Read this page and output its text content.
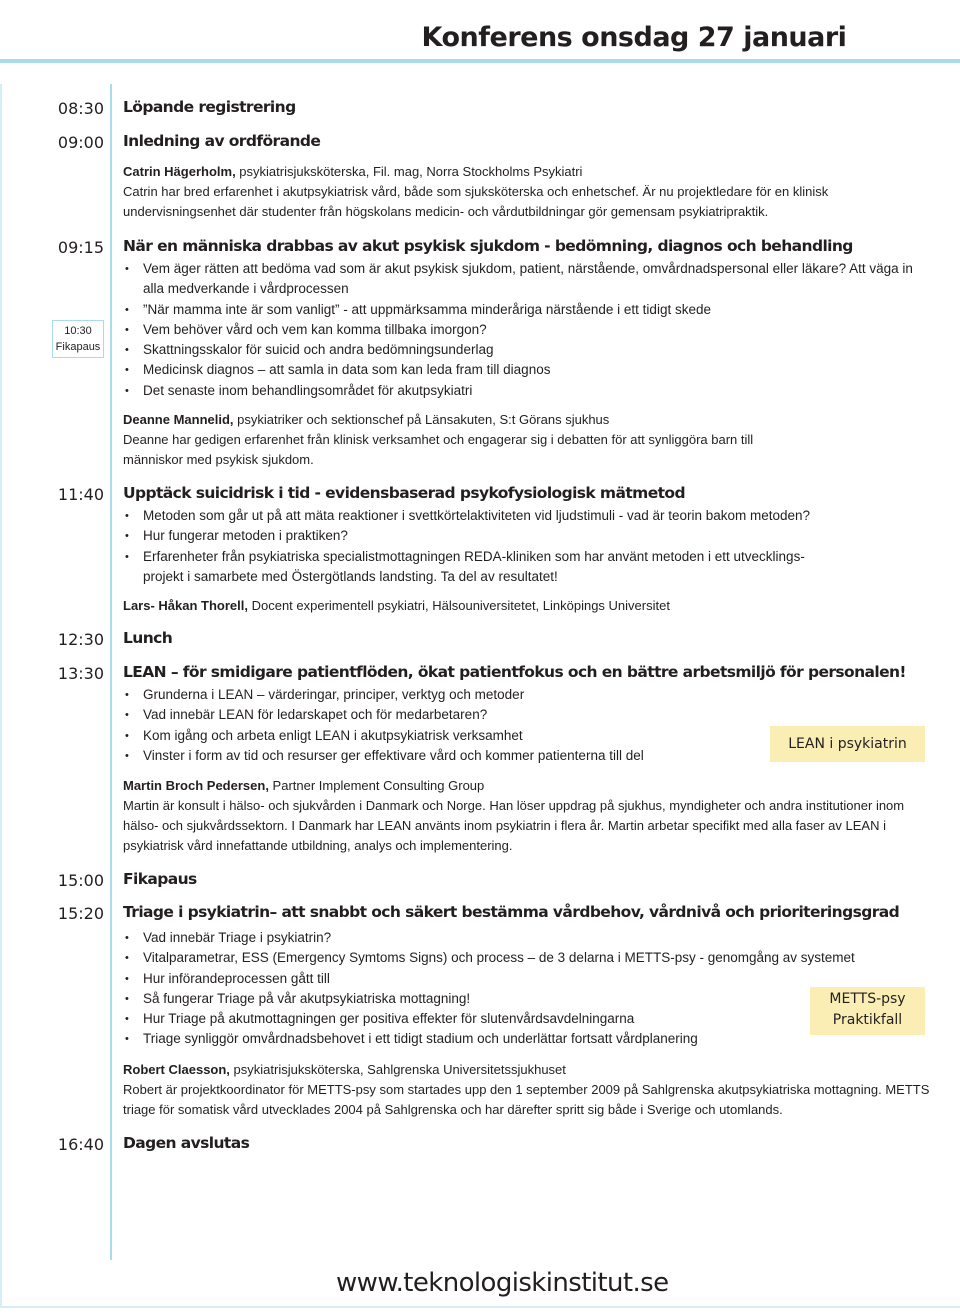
Konferens onsdag 27 januari
08:30
09:00
09:15
10:30
Fikapaus
11:40
12:30
13:30
15:00
15:20
16:40
Löpande registrering
Inledning av ordförande
Catrin Hägerholm, psykiatrisjuksköterska, Fil. mag, Norra Stockholms Psykiatri
Catrin har bred erfarenhet i akutpsykiatrisk vård, både som sjuksköterska och enhetschef. Är nu projektledare för en klinisk undervisningsenhet där studenter från högskolans medicin- och vårdutbildningar gör gemensam psykiatripraktik.
När en människa drabbas av akut psykisk sjukdom - bedömning, diagnos och behandling
• Vem äger rätten att bedöma vad som är akut psykisk sjukdom, patient, närstående, omvårdnadspersonal eller läkare? Att väga in alla medverkande i vårdprocessen
• ”När mamma inte är som vanligt” - att uppmärksamma minderåriga närstående i ett tidigt skede
• Vem behöver vård och vem kan komma tillbaka imorgon?
• Skattningsskalor för suicid och andra bedömningsunderlag
• Medicinsk diagnos – att samla in data som kan leda fram till diagnos
• Det senaste inom behandlingsområdet för akutpsykiatri
Deanne Mannelid, psykiatriker och sektionschef på Länsakuten, S:t Görans sjukhus
Deanne har gedigen erfarenhet från klinisk verksamhet och engagerar sig i debatten för att synliggöra barn till människor med psykisk sjukdom.
Upptäck suicidrisk i tid - evidensbaserad psykofysiologisk mätmetod
• Metoden som går ut på att mäta reaktioner i svettkörtelaktiviteten vid ljudstimuli - vad är teorin bakom metoden?
• Hur fungerar metoden i praktiken?
• Erfarenheter från psykiatriska specialistmottagningen REDA-kliniken som har använt metoden i ett utvecklings-projekt i samarbete med Östergötlands landsting. Ta del av resultatet!
Lars- Håkan Thorell, Docent experimentell psykiatri, Hälsouniversitetet, Linköpings Universitet
Lunch
LEAN – för smidigare patientflöden, ökat patientfokus och en bättre arbetsmiljö för personalen!
• Grunderna i LEAN – värderingar, principer, verktyg och metoder
• Vad innebär LEAN för ledarskapet och för medarbetaren?
• Kom igång och arbeta enligt LEAN i akutpsykiatrisk verksamhet
• Vinster i form av tid och resurser ger effektivare vård och kommer patienterna till del
LEAN i psykiatrin
Martin Broch Pedersen, Partner Implement Consulting Group
Martin är konsult i hälso- och sjukvården i Danmark och Norge. Han löser uppdrag på sjukhus, myndigheter och andra institutioner inom hälso- och sjukvårdssektorn. I Danmark har LEAN använts inom psykiatrin i flera år. Martin arbetar specifikt med alla faser av LEAN i psykiatrisk vård innefattande utbildning, analys och implementering.
Fikapaus
Triage i psykiatrin– att snabbt och säkert bestämma vårdbehov, vårdnivå och prioriteringsgrad
• Vad innebär Triage i psykiatrin?
• Vitalparametrar, ESS (Emergency Symtoms Signs) och process – de 3 delarna i METTS-psy - genomgång av systemet
• Hur införandeprocessen gått till
• Så fungerar Triage på vår akutpsykiatriska mottagning!
• Hur Triage på akutmottagningen ger positiva effekter för slutenvårdsavdelningarna
• Triage synliggör omvårdnadsbehovet i ett tidigt stadium och underlättar fortsatt vårdplanering
METTS-psy
Praktikfall
Robert Claesson, psykiatrisjuksköterska, Sahlgrenska Universitetssjukhuset
Robert är projektkoordinator för METTS-psy som startades upp den 1 september 2009 på Sahlgrenska akutpsykiatriska mottagning. METTS triage för somatisk vård utvecklades 2004 på Sahlgrenska och har därefter spritt sig både i Sverige och utomlands.
Dagen avslutas
www.teknologiskinstitut.se
